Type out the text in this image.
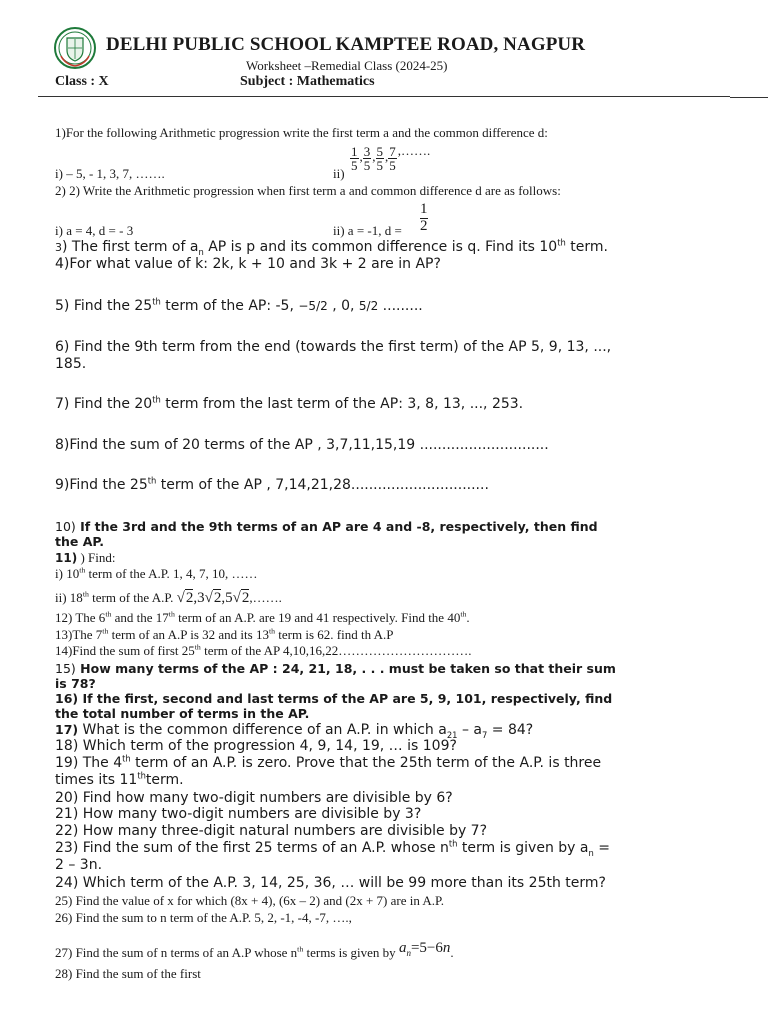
DELHI PUBLIC SCHOOL KAMPTEE ROAD, NAGPUR
Worksheet –Remedial Class (2024-25)
Class : X	Subject : Mathematics
1)For the following Arithmetic progression write the first term a and the common difference d:
$\frac{1}{5}$ , $\frac{3}{5}$ , $\frac{5}{5}$ , $\frac{7}{5}$ ,…….
i) – 5, - 1, 3, 7, …….	ii)
2) 2) Write the Arithmetic progression when first term a and common difference d are as follows:
$\frac{1}{2}$
i) a = 4, d = - 3	ii) a = -1, d =
3) The first term of $a_n$ AP is p and its common difference is q. Find its 10th term.
4)For what value of k: 2k, k + 10 and 3k + 2 are in AP?
5) Find the 25th term of the AP: -5, −5/2 , 0, 5/2 .........
6) Find the 9th term from the end (towards the first term) of the AP 5, 9, 13, ...,
185.
7) Find the 20th term from the last term of the AP: 3, 8, 13, ..., 253.
8)Find the sum of 20 terms of the AP , 3,7,11,15,19 .............................
9)Find the 25th term of the AP , 7,14,21,28...............................
10) If the 3rd and the 9th terms of an AP are 4 and -8, respectively, then find
the AP.
11) ) Find:
i) 10th term of the A.P. 1, 4, 7, 10, ……
ii) 18th term of the A.P. √2,3√2,5√2,…….
12) The 6th and the 17th term of an A.P. are 19 and 41 respectively. Find the 40th.
13)The 7th term of an A.P is 32 and its 13th term is 62. find th A.P
14)Find the sum of first 25th term of the AP 4,10,16,22………………………….
15) How many terms of the AP : 24, 21, 18, . . . must be taken so that their sum
is 78?
16) If the first, second and last terms of the AP are 5, 9, 101, respectively, find
the total number of terms in the AP.
17) What is the common difference of an A.P. in which $a_{21} - a_7 = 84$?
18) Which term of the progression 4, 9, 14, 19, … is 109?
19) The 4th term of an A.P. is zero. Prove that the 25th term of the A.P. is three
times its 11thterm.
20) Find how many two-digit numbers are divisible by 6?
21) How many two-digit numbers are divisible by 3?
22) How many three-digit natural numbers are divisible by 7?
23) Find the sum of the first 25 terms of an A.P. whose $n^{th}$ term is given by $a_n$ =
2 – 3n.
24) Which term of the A.P. 3, 14, 25, 36, … will be 99 more than its 25th term?
25) Find the value of x for which (8x + 4), (6x – 2) and (2x + 7) are in A.P.
26) Find the sum to n term of the A.P. 5, 2, -1, -4, -7, ….,
27) Find the sum of n terms of an A.P whose $n^{th}$ terms is given by $a_n=5-6n$.
28) Find the sum of the first
